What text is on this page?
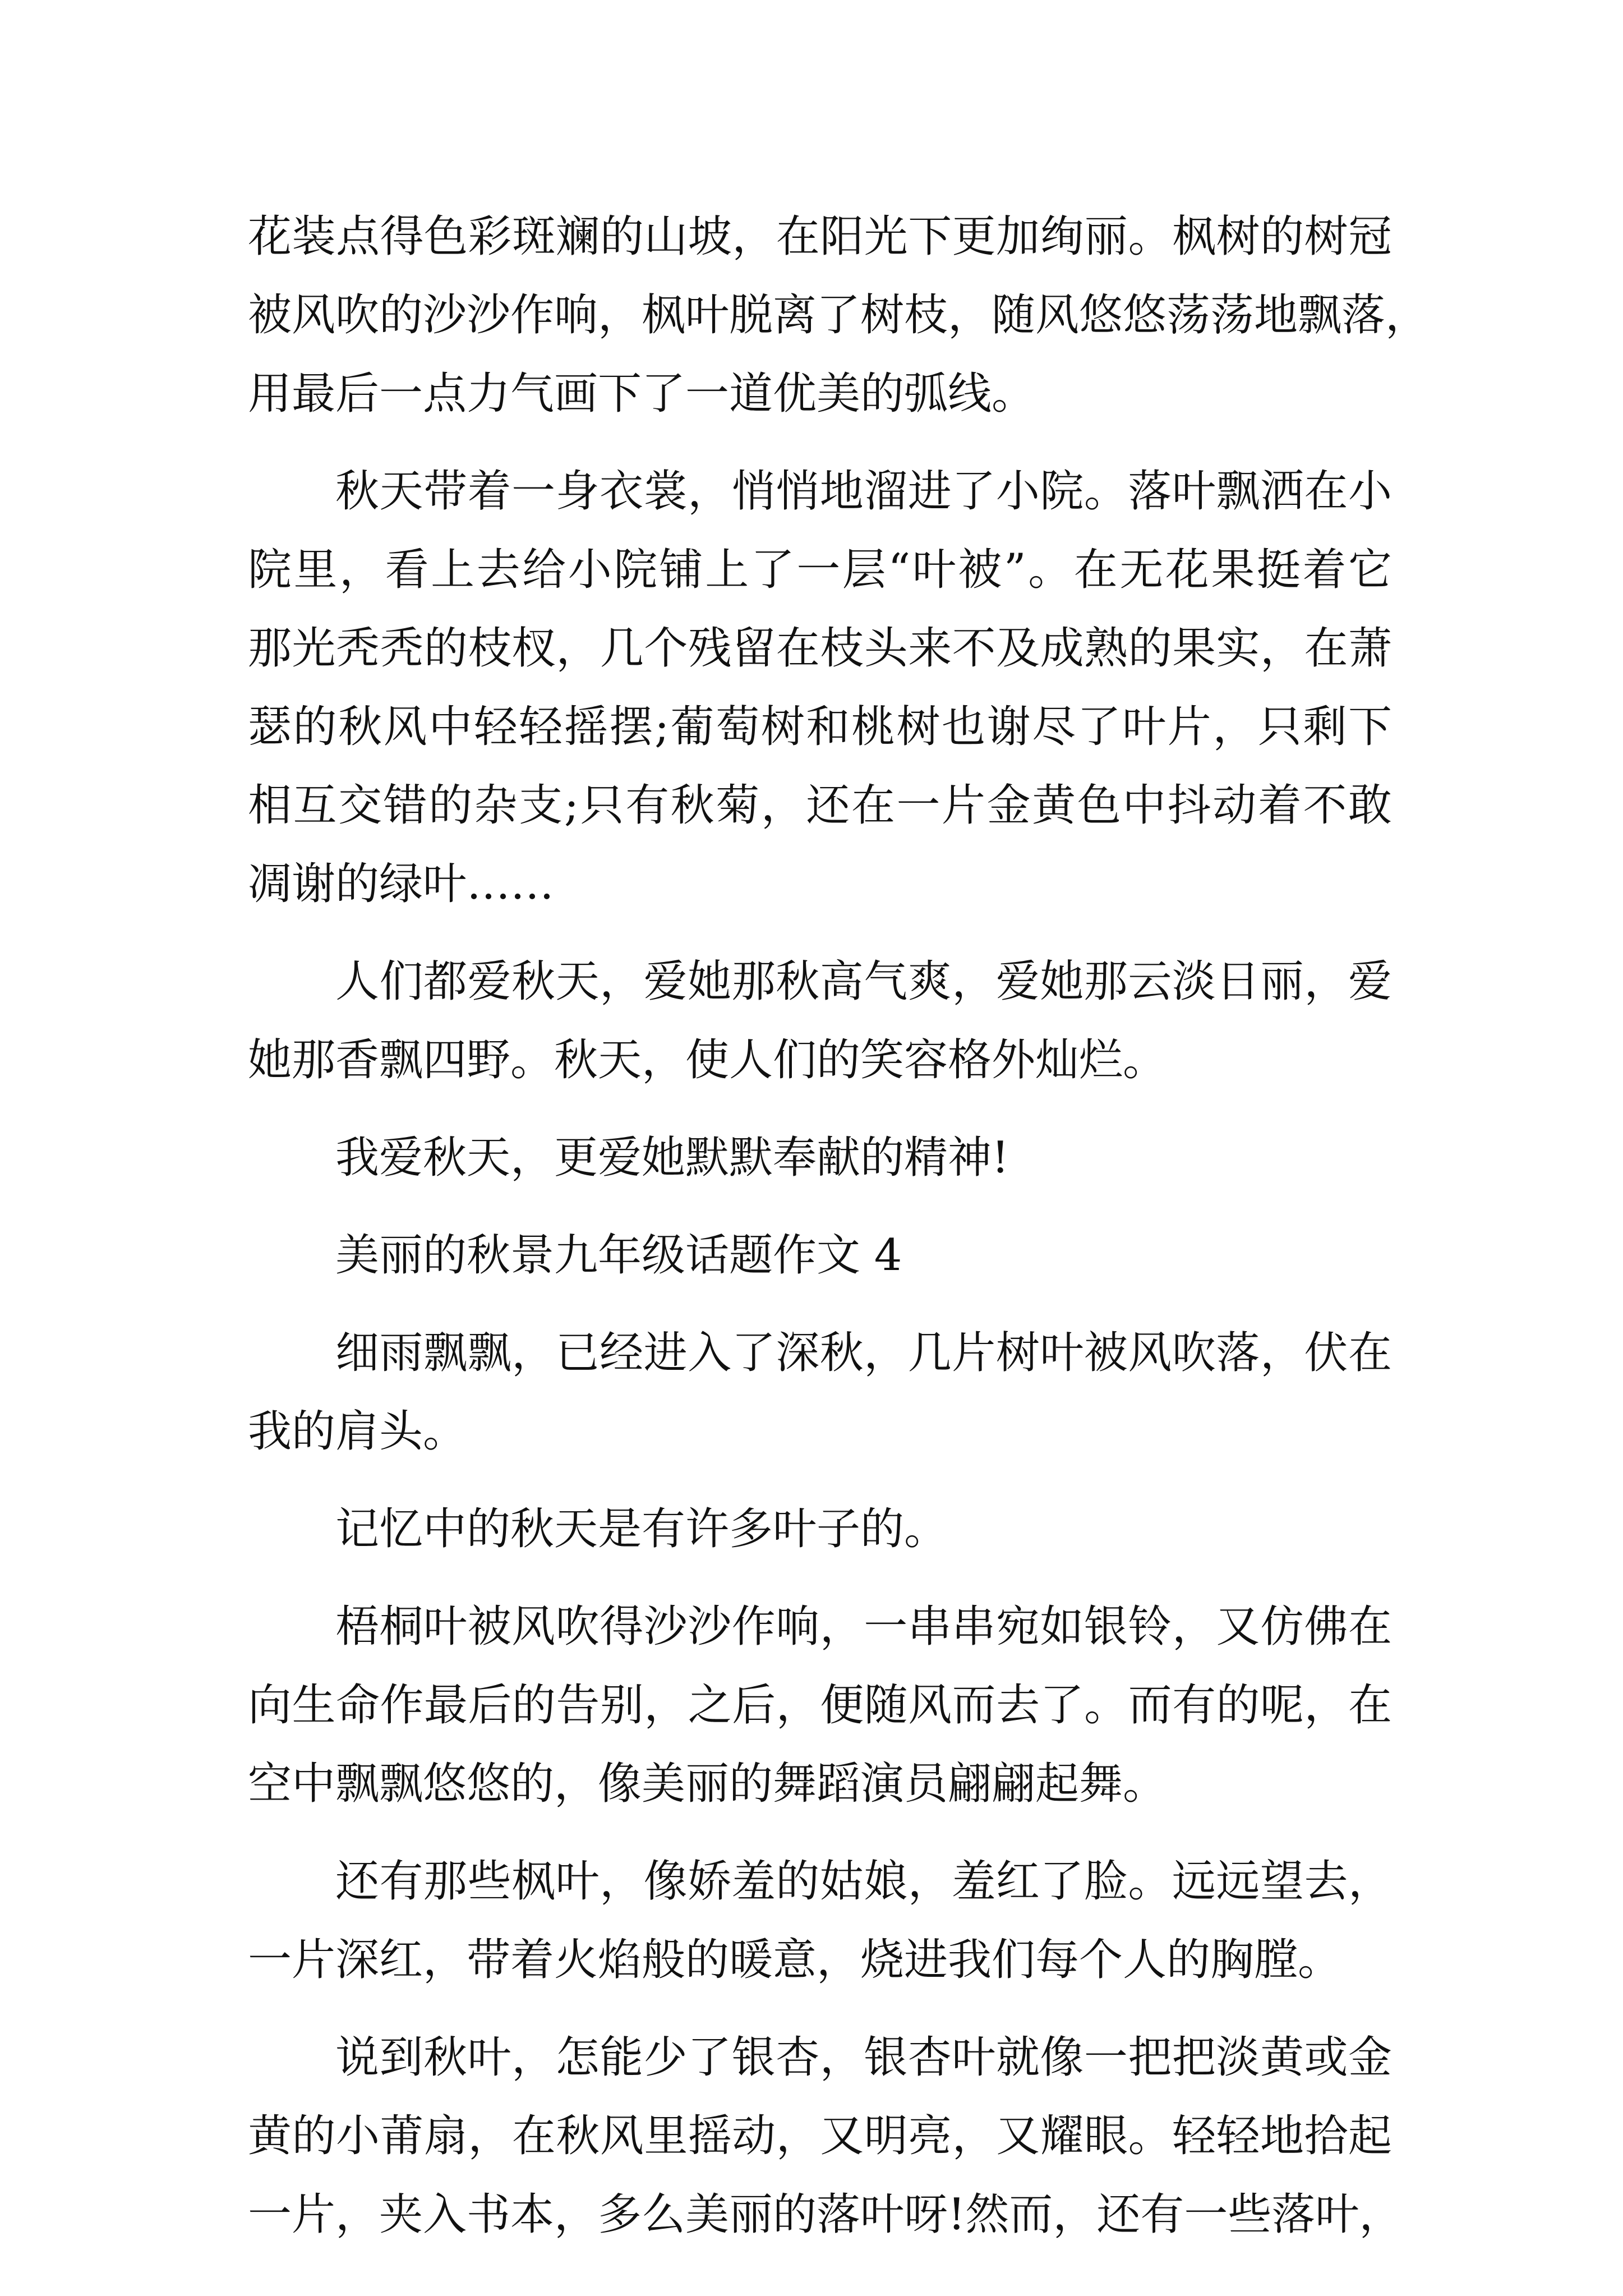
花装点得色彩斑斓的山坡，在阳光下更加绚丽。枫树的树冠
被风吹的沙沙作响，枫叶脱离了树枝，随风悠悠荡荡地飘落，
用最后一点力气画下了一道优美的弧线。
秋天带着一身衣裳，悄悄地溜进了小院。落叶飘洒在小
院里，看上去给小院铺上了一层“叶被”。在无花果挺着它
那光秃秃的枝杈，几个残留在枝头来不及成熟的果实，在萧
瑟的秋风中轻轻摇摆;葡萄树和桃树也谢尽了叶片，只剩下
相互交错的杂支;只有秋菊，还在一片金黄色中抖动着不敢
凋谢的绿叶……
人们都爱秋天，爱她那秋高气爽，爱她那云淡日丽，爱
她那香飘四野。秋天，使人们的笑容格外灿烂。
我爱秋天，更爱她默默奉献的精神!
美丽的秋景九年级话题作文 4
细雨飘飘，已经进入了深秋，几片树叶被风吹落，伏在
我的肩头。
记忆中的秋天是有许多叶子的。
梧桐叶被风吹得沙沙作响，一串串宛如银铃，又仿佛在
向生命作最后的告别，之后，便随风而去了。而有的呢，在
空中飘飘悠悠的，像美丽的舞蹈演员翩翩起舞。
还有那些枫叶，像娇羞的姑娘，羞红了脸。远远望去，
一片深红，带着火焰般的暖意，烧进我们每个人的胸膛。
说到秋叶，怎能少了银杏，银杏叶就像一把把淡黄或金
黄的小莆扇，在秋风里摇动，又明亮，又耀眼。轻轻地拾起
一片，夹入书本，多么美丽的落叶呀!然而，还有一些落叶，
